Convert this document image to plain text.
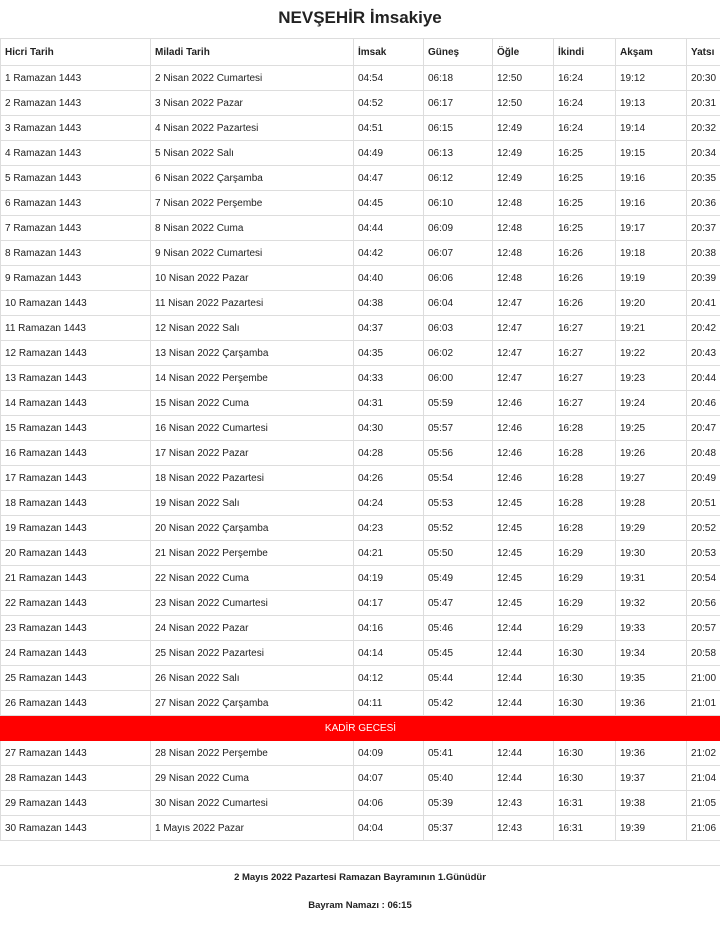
NEVŞEHİR İmsakiye
Hicri Tarih	Miladi Tarih	İmsak	Güneş	Öğle	İkindi	Akşam	Yatsı
1 Ramazan 1443	2 Nisan 2022 Cumartesi	04:54	06:18	12:50	16:24	19:12	20:30
2 Ramazan 1443	3 Nisan 2022 Pazar	04:52	06:17	12:50	16:24	19:13	20:31
3 Ramazan 1443	4 Nisan 2022 Pazartesi	04:51	06:15	12:49	16:24	19:14	20:32
4 Ramazan 1443	5 Nisan 2022 Salı	04:49	06:13	12:49	16:25	19:15	20:34
5 Ramazan 1443	6 Nisan 2022 Çarşamba	04:47	06:12	12:49	16:25	19:16	20:35
6 Ramazan 1443	7 Nisan 2022 Perşembe	04:45	06:10	12:48	16:25	19:16	20:36
7 Ramazan 1443	8 Nisan 2022 Cuma	04:44	06:09	12:48	16:25	19:17	20:37
8 Ramazan 1443	9 Nisan 2022 Cumartesi	04:42	06:07	12:48	16:26	19:18	20:38
9 Ramazan 1443	10 Nisan 2022 Pazar	04:40	06:06	12:48	16:26	19:19	20:39
10 Ramazan 1443	11 Nisan 2022 Pazartesi	04:38	06:04	12:47	16:26	19:20	20:41
11 Ramazan 1443	12 Nisan 2022 Salı	04:37	06:03	12:47	16:27	19:21	20:42
12 Ramazan 1443	13 Nisan 2022 Çarşamba	04:35	06:02	12:47	16:27	19:22	20:43
13 Ramazan 1443	14 Nisan 2022 Perşembe	04:33	06:00	12:47	16:27	19:23	20:44
14 Ramazan 1443	15 Nisan 2022 Cuma	04:31	05:59	12:46	16:27	19:24	20:46
15 Ramazan 1443	16 Nisan 2022 Cumartesi	04:30	05:57	12:46	16:28	19:25	20:47
16 Ramazan 1443	17 Nisan 2022 Pazar	04:28	05:56	12:46	16:28	19:26	20:48
17 Ramazan 1443	18 Nisan 2022 Pazartesi	04:26	05:54	12:46	16:28	19:27	20:49
18 Ramazan 1443	19 Nisan 2022 Salı	04:24	05:53	12:45	16:28	19:28	20:51
19 Ramazan 1443	20 Nisan 2022 Çarşamba	04:23	05:52	12:45	16:28	19:29	20:52
20 Ramazan 1443	21 Nisan 2022 Perşembe	04:21	05:50	12:45	16:29	19:30	20:53
21 Ramazan 1443	22 Nisan 2022 Cuma	04:19	05:49	12:45	16:29	19:31	20:54
22 Ramazan 1443	23 Nisan 2022 Cumartesi	04:17	05:47	12:45	16:29	19:32	20:56
23 Ramazan 1443	24 Nisan 2022 Pazar	04:16	05:46	12:44	16:29	19:33	20:57
24 Ramazan 1443	25 Nisan 2022 Pazartesi	04:14	05:45	12:44	16:30	19:34	20:58
25 Ramazan 1443	26 Nisan 2022 Salı	04:12	05:44	12:44	16:30	19:35	21:00
26 Ramazan 1443	27 Nisan 2022 Çarşamba	04:11	05:42	12:44	16:30	19:36	21:01
KADİR GECESİ							
27 Ramazan 1443	28 Nisan 2022 Perşembe	04:09	05:41	12:44	16:30	19:36	21:02
28 Ramazan 1443	29 Nisan 2022 Cuma	04:07	05:40	12:44	16:30	19:37	21:04
29 Ramazan 1443	30 Nisan 2022 Cumartesi	04:06	05:39	12:43	16:31	19:38	21:05
30 Ramazan 1443	1 Mayıs 2022 Pazar	04:04	05:37	12:43	16:31	19:39	21:06

2 Mayıs 2022 Pazartesi Ramazan Bayramının 1.Günüdür

Bayram Namazı : 06:15
